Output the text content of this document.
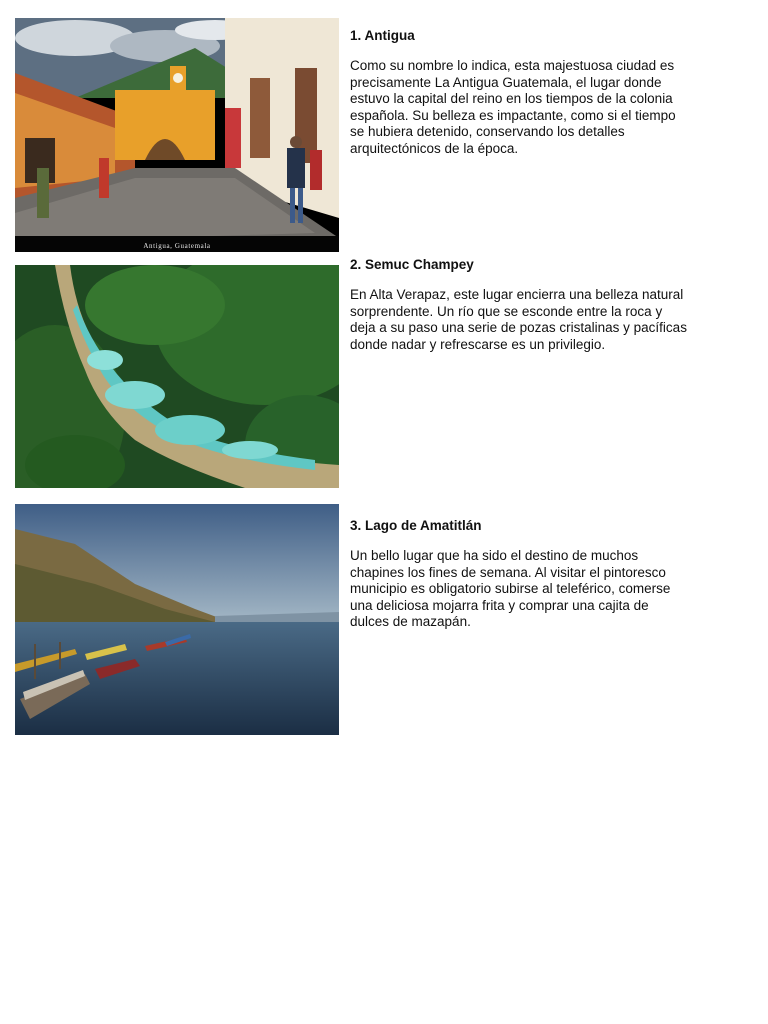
Antigua, Guatemala

1. Antigua

Como su nombre lo indica, esta majestuosa ciudad es precisamente La Antigua Guatemala, el lugar donde estuvo la capital del reino en los tiempos de la colonia española. Su belleza es impactante, como si el tiempo se hubiera detenido, conservando los detalles arquitectónicos de la época.

2. Semuc Champey

En Alta Verapaz, este lugar encierra una belleza natural sorprendente. Un río que se esconde entre la roca y deja a su paso una serie de pozas cristalinas y pacíficas donde nadar y refrescarse es un privilegio.

3. Lago de Amatitlán

Un bello lugar que ha sido el destino de muchos chapines los fines de semana. Al visitar el pintoresco municipio es obligatorio subirse al teleférico, comerse una deliciosa mojarra frita y comprar una cajita de dulces de mazapán.
